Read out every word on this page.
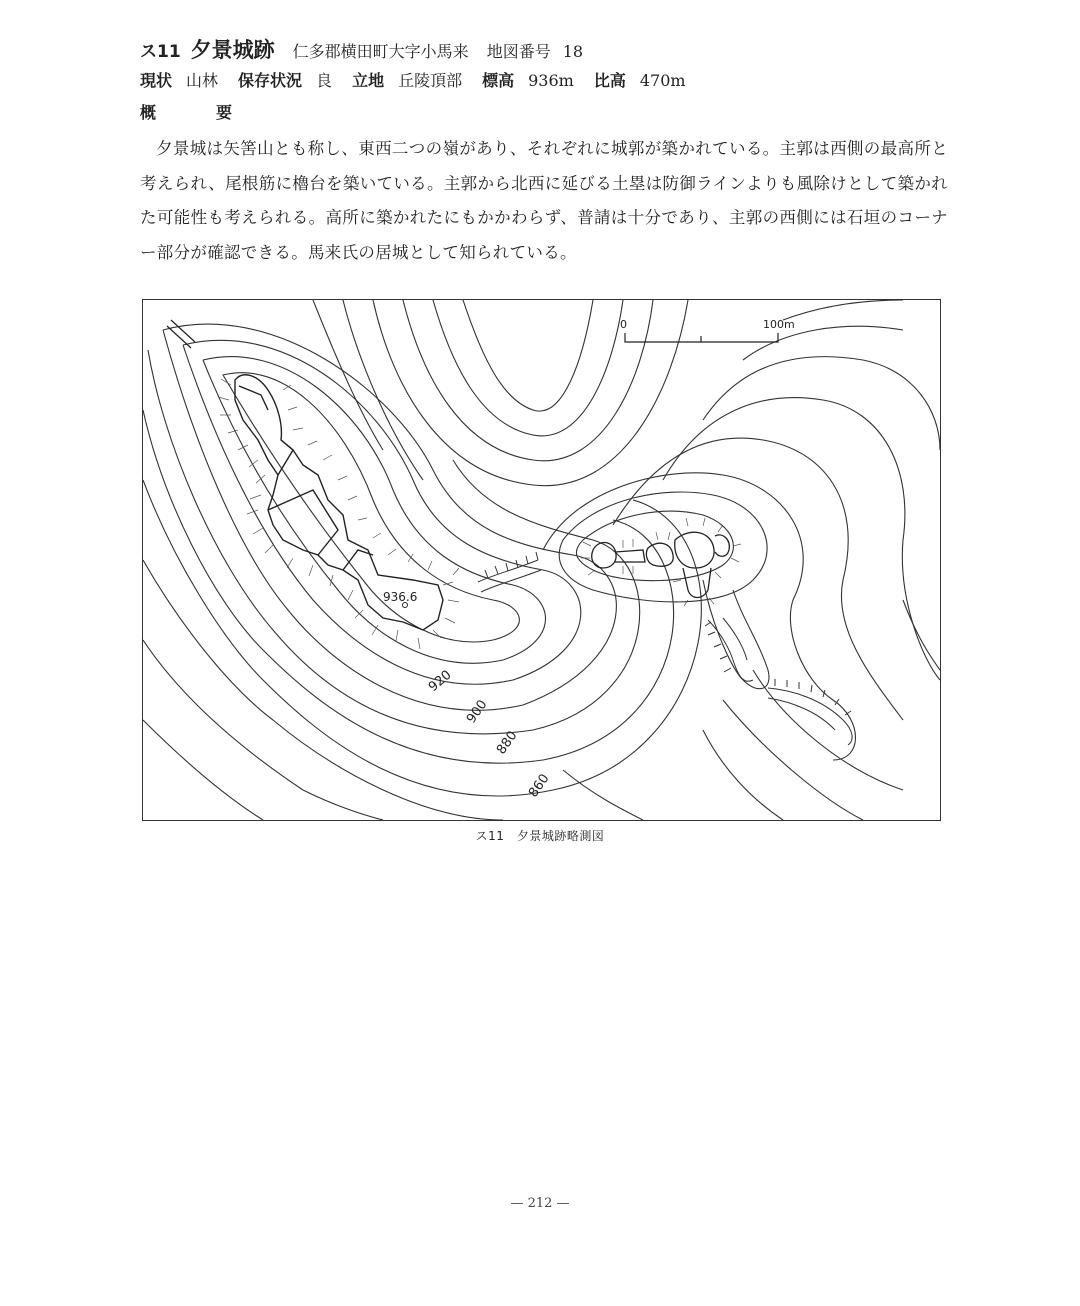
ス11 夕景城跡 仁多郡横田町大字小馬来 地図番号 18
現状 山林 保存状況 良 立地 丘陵頂部 標高 936m 比高 470m
概　要
夕景城は矢筈山とも称し、東西二つの嶺があり、それぞれに城郭が築かれている。主郭は西側の最高所と考えられ、尾根筋に櫓台を築いている。主郭から北西に延びる土塁は防御ラインよりも風除けとして築かれた可能性も考えられる。高所に築かれたにもかかわらず、普請は十分であり、主郭の西側には石垣のコーナー部分が確認できる。馬来氏の居城として知られている。
936.6
0	100m
920
900
880
860
ス11　夕景城跡略測図
— 212 —
